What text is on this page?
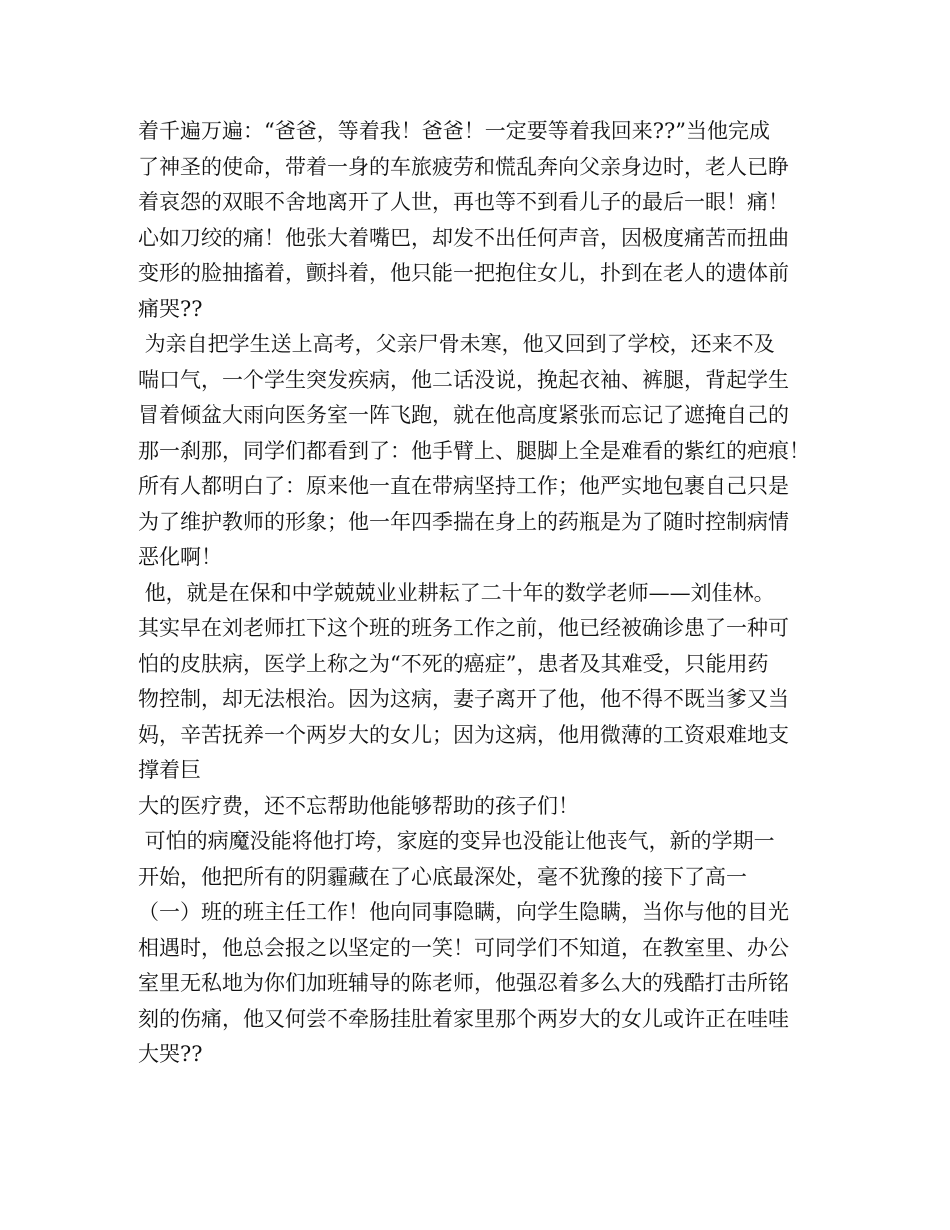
着千遍万遍：“爸爸，等着我！爸爸！一定要等着我回来??”当他完成
了神圣的使命，带着一身的车旅疲劳和慌乱奔向父亲身边时，老人已睁
着哀怨的双眼不舍地离开了人世，再也等不到看儿子的最后一眼！痛！
心如刀绞的痛！他张大着嘴巴，却发不出任何声音，因极度痛苦而扭曲
变形的脸抽搐着，颤抖着，他只能一把抱住女儿，扑到在老人的遗体前
痛哭??
为亲自把学生送上高考，父亲尸骨未寒，他又回到了学校，还来不及
喘口气，一个学生突发疾病，他二话没说，挽起衣袖、裤腿，背起学生
冒着倾盆大雨向医务室一阵飞跑，就在他高度紧张而忘记了遮掩自己的
那一刹那，同学们都看到了：他手臂上、腿脚上全是难看的紫红的疤痕！
所有人都明白了：原来他一直在带病坚持工作；他严实地包裹自己只是
为了维护教师的形象；他一年四季揣在身上的药瓶是为了随时控制病情
恶化啊！
他，就是在保和中学兢兢业业耕耘了二十年的数学老师——刘佳林。
其实早在刘老师扛下这个班的班务工作之前，他已经被确诊患了一种可
怕的皮肤病，医学上称之为“不死的癌症”，患者及其难受，只能用药
物控制，却无法根治。因为这病，妻子离开了他，他不得不既当爹又当
妈，辛苦抚养一个两岁大的女儿；因为这病，他用微薄的工资艰难地支
撑着巨
大的医疗费，还不忘帮助他能够帮助的孩子们！
可怕的病魔没能将他打垮，家庭的变异也没能让他丧气，新的学期一
开始，他把所有的阴霾藏在了心底最深处，毫不犹豫的接下了高一
（一）班的班主任工作！他向同事隐瞒，向学生隐瞒，当你与他的目光
相遇时，他总会报之以坚定的一笑！可同学们不知道，在教室里、办公
室里无私地为你们加班辅导的陈老师，他强忍着多么大的残酷打击所铭
刻的伤痛，他又何尝不牵肠挂肚着家里那个两岁大的女儿或许正在哇哇
大哭??
